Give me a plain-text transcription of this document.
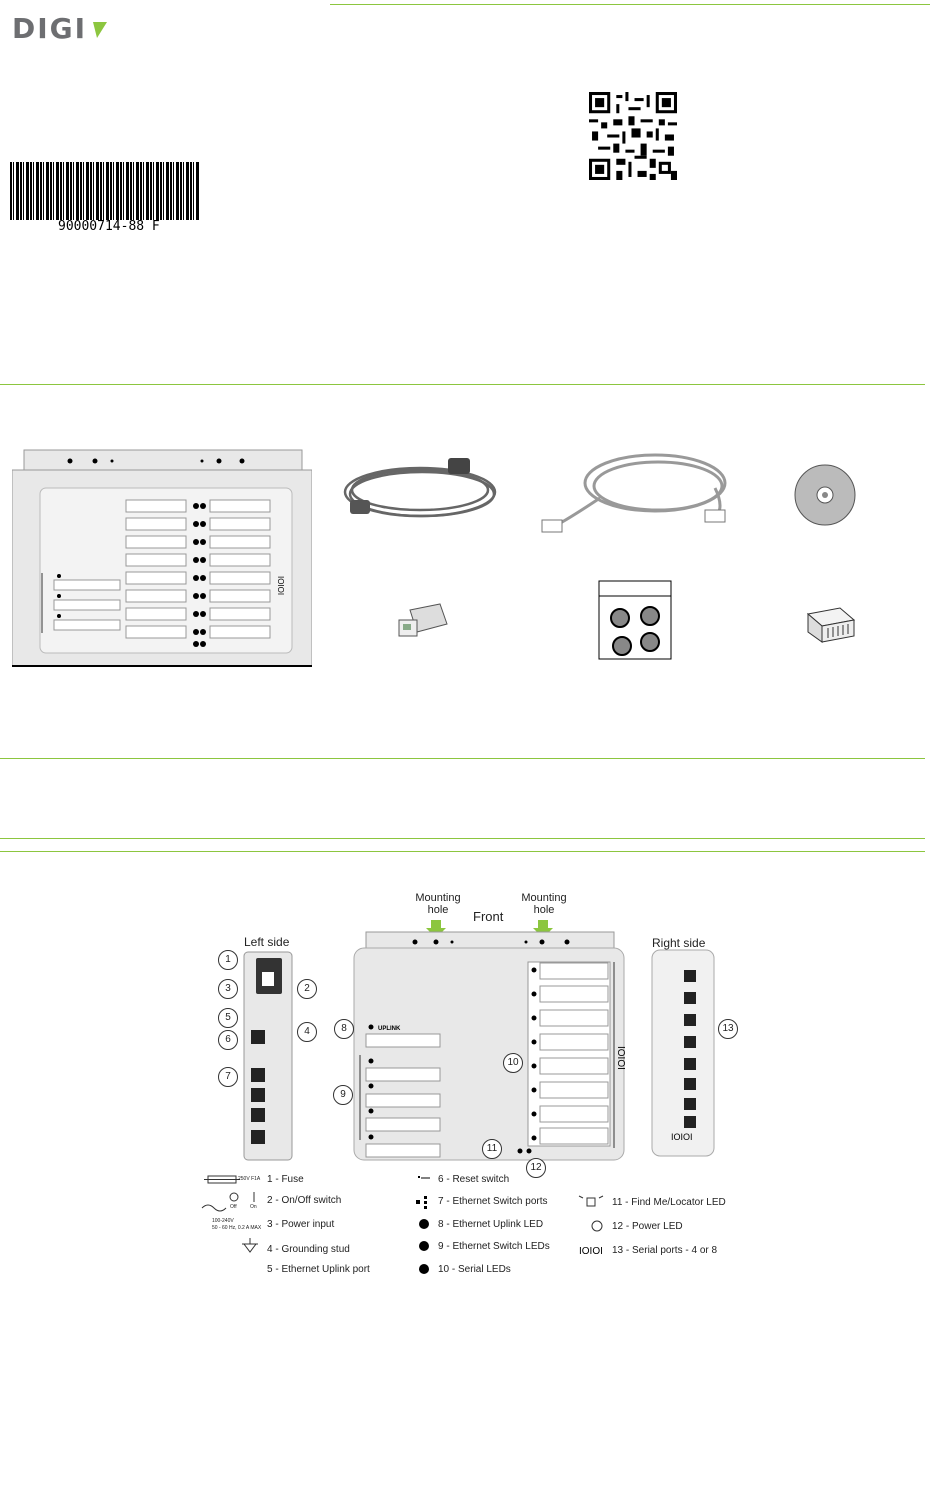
DIGI
90000714-88 F
IOIOI
Mounting
hole
Mounting
hole
Front
Left side	Right side
UPLINK
IOIOI
IOIOI
1
2
3
4
5
6
7
8
9
10
11
12
13
250V F1A
Off	On
100-240V
50 - 60 Hz, 0.2 A MAX
IOIOI
1 - Fuse
2 - On/Off switch
3 - Power input
4 - Grounding stud
5 - Ethernet Uplink port
6 - Reset switch
7 - Ethernet Switch ports
8 - Ethernet Uplink LED
9 - Ethernet Switch LEDs
10 - Serial LEDs
11 - Find Me/Locator LED
12 - Power LED
13 - Serial ports - 4 or 8
